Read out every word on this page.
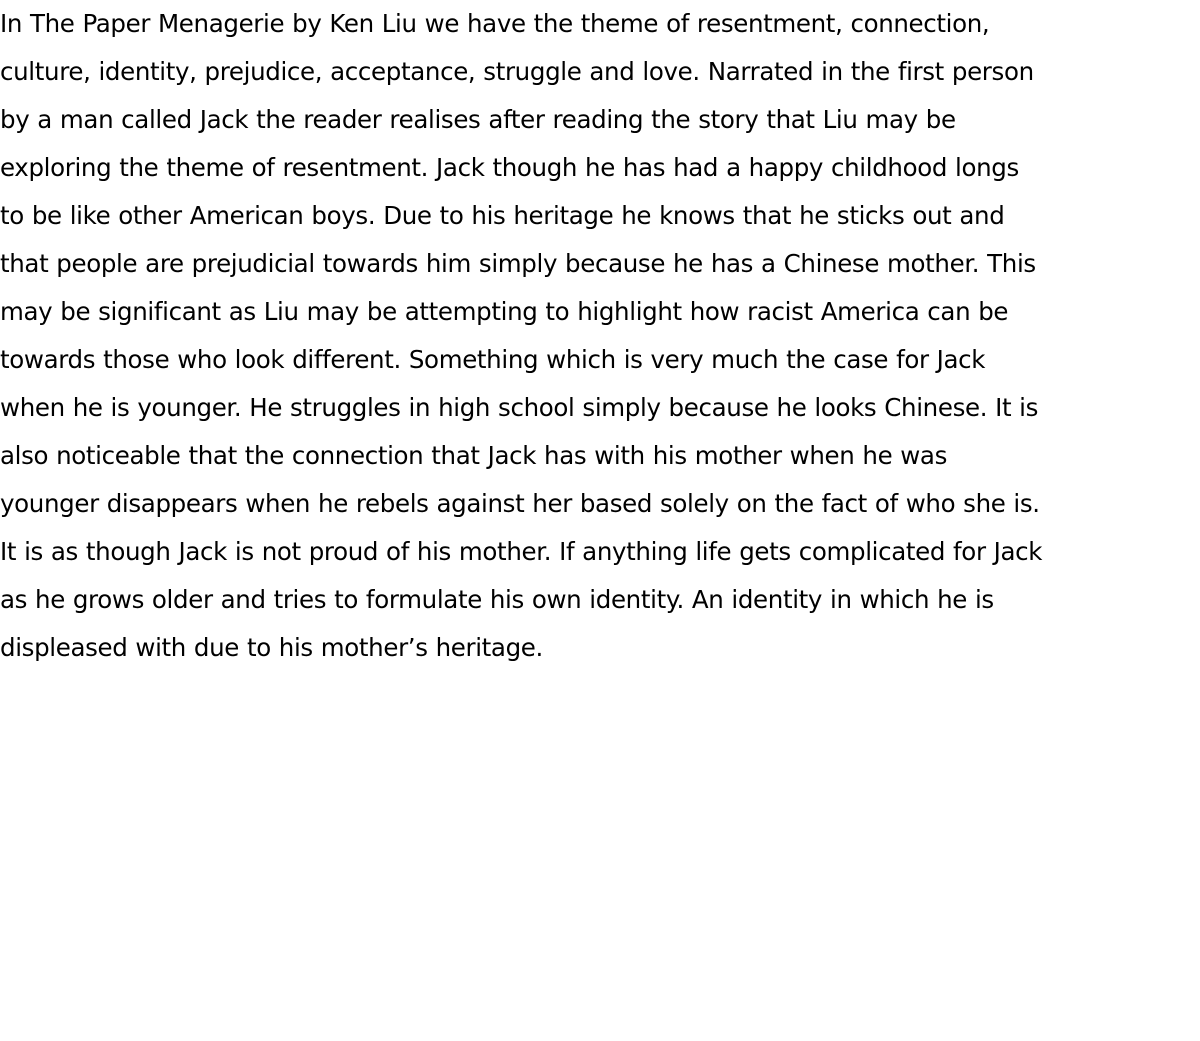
In The Paper Menagerie by Ken Liu we have the theme of resentment, connection,
culture, identity, prejudice, acceptance, struggle and love. Narrated in the first person
by a man called Jack the reader realises after reading the story that Liu may be
exploring the theme of resentment. Jack though he has had a happy childhood longs
to be like other American boys. Due to his heritage he knows that he sticks out and
that people are prejudicial towards him simply because he has a Chinese mother. This
may be significant as Liu may be attempting to highlight how racist America can be
towards those who look different. Something which is very much the case for Jack
when he is younger. He struggles in high school simply because he looks Chinese. It is
also noticeable that the connection that Jack has with his mother when he was
younger disappears when he rebels against her based solely on the fact of who she is.
It is as though Jack is not proud of his mother. If anything life gets complicated for Jack
as he grows older and tries to formulate his own identity. An identity in which he is
displeased with due to his mother’s heritage.
